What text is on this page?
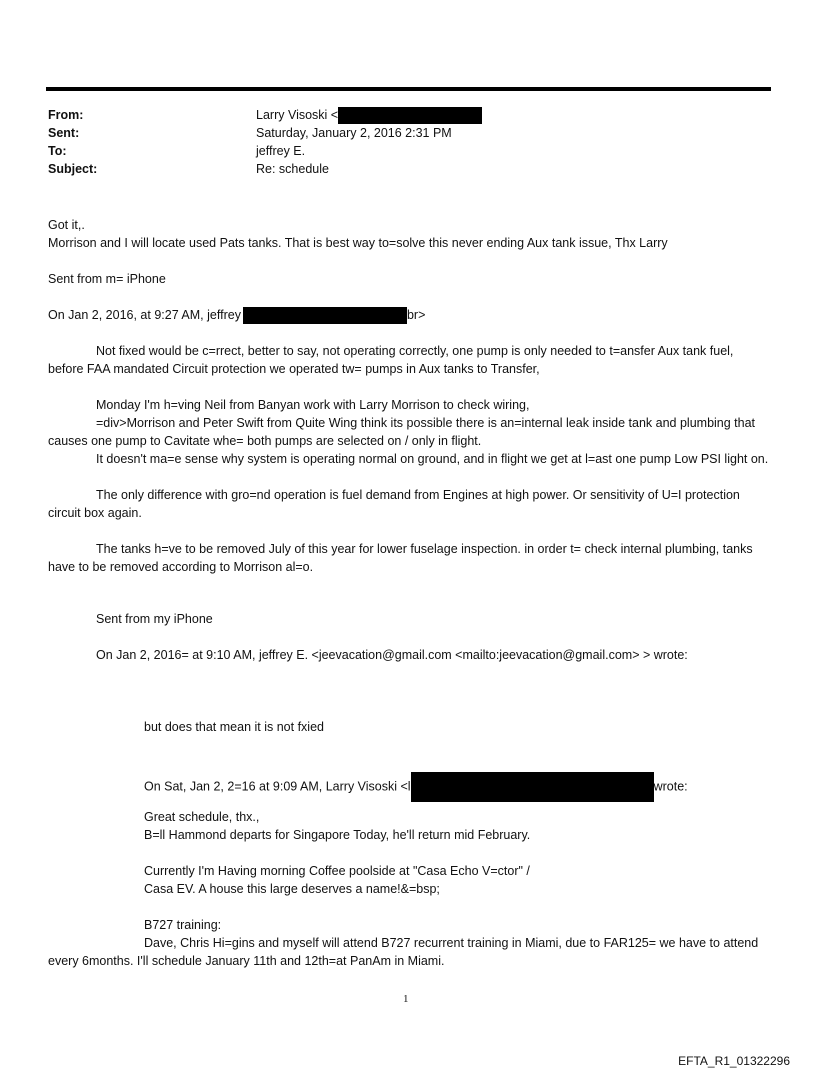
From:	Larry Visoski <
Sent:	Saturday, January 2, 2016 2:31 PM
To:	jeffrey E.
Subject:	Re: schedule
Got it,.
Morrison and I will locate used Pats tanks. That is best way to=solve this never ending Aux tank issue, Thx Larry
Sent from m= iPhone
On Jan 2, 2016, at 9:27 AM, jeffrey	br>
Not fixed would be c=rrect, better to say, not operating correctly, one pump is only needed to t=ansfer Aux tank fuel, before FAA mandated Circuit protection we operated tw= pumps in Aux tanks to Transfer,
Monday I'm h=ving Neil from Banyan work with Larry Morrison to check wiring,
=div>Morrison and Peter Swift from Quite Wing think its possible there is an=internal leak inside tank and plumbing that causes one pump to Cavitate whe= both pumps are selected on / only in flight.
It doesn't ma=e sense why system is operating normal on ground, and in flight we get at l=ast one pump Low PSI light on.
The only difference with gro=nd operation is fuel demand from Engines at high power. Or sensitivity of U=I protection circuit box again.
The tanks h=ve to be removed July of this year for lower fuselage inspection. in order t= check internal plumbing, tanks have to be removed according to Morrison al=o.
Sent from my iPhone
On Jan 2, 2016= at 9:10 AM, jeffrey E. <jeevacation@gmail.com <mailto:jeevacation@gmail.com> > wrote:
but does that mean it is not fxied
On Sat, Jan 2, 2=16 at 9:09 AM, Larry Visoski <l	wrote:
Great schedule, thx.,
B=ll Hammond departs for Singapore Today, he'll return mid February.
Currently I'm Having morning Coffee poolside at "Casa Echo V=ctor" /
Casa EV. A house this large deserves a name!&=bsp;
B727 training:
Dave, Chris Hi=gins and myself will attend B727 recurrent training in Miami, due to FAR125= we have to attend every 6months. I'll schedule January 11th and 12th=at PanAm in Miami.
1
EFTA_R1_01322296
